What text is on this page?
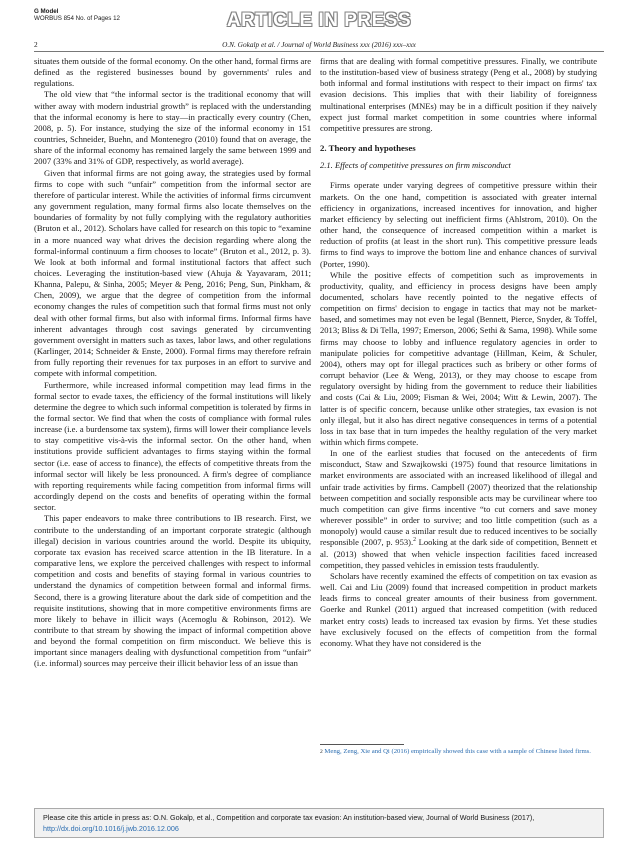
G Model
WORBUS 854 No. of Pages 12	ARTICLE IN PRESS
2	O.N. Gokalp et al. / Journal of World Business xxx (2016) xxx–xxx

situates them outside of the formal economy. On the other hand, formal firms are defined as the registered businesses bound by governments' rules and regulations.

The old view that “the informal sector is the traditional economy that will wither away with modern industrial growth” is replaced with the understanding that the informal economy is here to stay—in practically every country (Chen, 2008, p. 5). For instance, studying the size of the informal economy in 151 countries, Schneider, Buehn, and Montenegro (2010) found that on average, the share of the informal economy has remained largely the same between 1999 and 2007 (33% and 31% of GDP, respectively, as world average).

Given that informal firms are not going away, the strategies used by formal firms to cope with such “unfair” competition from the informal sector are therefore of particular interest. While the activities of informal firms circumvent any government regulation, many formal firms also locate themselves on the boundaries of formality by not fully complying with the regulatory authorities (Bruton et al., 2012). Scholars have called for research on this topic to “examine in a more nuanced way what drives the decision regarding where along the formal-informal continuum a firm chooses to locate” (Bruton et al., 2012, p. 3). We look at both informal and formal institutional factors that affect such choices. Leveraging the institution-based view (Ahuja & Yayavaram, 2011; Khanna, Palepu, & Sinha, 2005; Meyer & Peng, 2016; Peng, Sun, Pinkham, & Chen, 2009), we argue that the degree of competition from the informal economy changes the rules of competition such that formal firms must not only deal with other formal firms, but also with informal firms. Informal firms have inherent advantages through cost savings generated by circumventing government oversight in matters such as taxes, labor laws, and other regulations (Karlinger, 2014; Schneider & Enste, 2000). Formal firms may therefore refrain from fully reporting their revenues for tax purposes in an effort to survive and compete with informal competition.

Furthermore, while increased informal competition may lead firms in the formal sector to evade taxes, the efficiency of the formal institutions will likely determine the degree to which such informal competition is tolerated by firms in the formal sector. We find that when the costs of compliance with formal rules increase (i.e. a burdensome tax system), firms will lower their compliance levels to stay competitive vis-à-vis the informal sector. On the other hand, when institutions provide sufficient advantages to firms staying within the formal sector (i.e. ease of access to finance), the effects of competitive threats from the informal sector will likely be less pronounced. A firm's degree of compliance with reporting requirements while facing competition from informal firms will accordingly depend on the costs and benefits of operating within the formal sector.

This paper endeavors to make three contributions to IB research. First, we contribute to the understanding of an important corporate strategic (although illegal) decision in various countries around the world. Despite its ubiquity, corporate tax evasion has received scarce attention in the IB literature. In a comparative lens, we explore the perceived challenges with respect to informal competition and costs and benefits of staying formal in various countries to understand the dynamics of competition between formal and informal firms. Second, there is a growing literature about the dark side of competition and the requisite institutions, showing that in more competitive environments firms are more likely to behave in illicit ways (Acemoglu & Robinson, 2012). We contribute to that stream by showing the impact of informal competition above and beyond the formal competition on firm misconduct. We believe this is important since managers dealing with dysfunctional competition from “unfair” (i.e. informal) sources may perceive their illicit behavior less of an issue than

firms that are dealing with formal competitive pressures. Finally, we contribute to the institution-based view of business strategy (Peng et al., 2008) by studying both informal and formal institutions with respect to their impact on firms' tax evasion decisions. This implies that with their liability of foreignness multinational enterprises (MNEs) may be in a difficult position if they naively expect just formal market competition in some countries where informal competitive pressures are strong.

2. Theory and hypotheses

2.1. Effects of competitive pressures on firm misconduct

Firms operate under varying degrees of competitive pressure within their markets. On the one hand, competition is associated with greater internal efficiency in organizations, increased incentives for innovation, and higher market efficiency by selecting out inefficient firms (Ahlstrom, 2010). On the other hand, the consequence of increased competition within a market is reduction of profits (at least in the short run). This competitive pressure leads firms to find ways to improve the bottom line and enhance chances of survival (Porter, 1990).

While the positive effects of competition such as improvements in productivity, quality, and efficiency in process designs have been amply documented, scholars have recently pointed to the negative effects of competition on firms' decision to engage in tactics that may not be market-based, and sometimes may not even be legal (Bennett, Pierce, Snyder, & Toffel, 2013; Bliss & Di Tella, 1997; Emerson, 2006; Sethi & Sama, 1998). While some firms may choose to lobby and influence regulatory agencies in order to manipulate policies for competitive advantage (Hillman, Keim, & Schuler, 2004), others may opt for illegal practices such as bribery or other forms of corrupt behavior (Lee & Weng, 2013), or they may choose to escape from regulatory oversight by hiding from the government to reduce their liabilities and costs (Cai & Liu, 2009; Fisman & Wei, 2004; Witt & Lewin, 2007). The latter is of specific concern, because unlike other strategies, tax evasion is not only illegal, but it also has direct negative consequences in terms of a potential loss in tax base that in turn impedes the healthy regulation of the very market within which firms compete.

In one of the earliest studies that focused on the antecedents of firm misconduct, Staw and Szwajkowski (1975) found that resource limitations in market environments are associated with an increased likelihood of illegal and unfair trade activities by firms. Campbell (2007) theorized that the relationship between competition and socially responsible acts may be curvilinear where too much competition can give firms incentive “to cut corners and save money wherever possible” in order to survive; and too little competition (such as a monopoly) would cause a similar result due to reduced incentives to be socially responsible (2007, p. 953).$^2$ Looking at the dark side of competition, Bennett et al. (2013) showed that when vehicle inspection facilities faced increased competition, they passed vehicles in emission tests fraudulently.

Scholars have recently examined the effects of competition on tax evasion as well. Cai and Liu (2009) found that increased competition in product markets leads firms to conceal greater amounts of their business from government. Goerke and Runkel (2011) argued that increased competition (with reduced market entry costs) leads to increased tax evasion by firms. Yet these studies have exclusively focused on the effects of competition from the formal economy. What they have not considered is the

$^2$ Meng, Zeng, Xie and Qi (2016) empirically showed this case with a sample of Chinese listed firms.
Please cite this article in press as: O.N. Gokalp, et al., Competition and corporate tax evasion: An institution-based view, Journal of World Business (2017), http://dx.doi.org/10.1016/j.jwb.2016.12.006
